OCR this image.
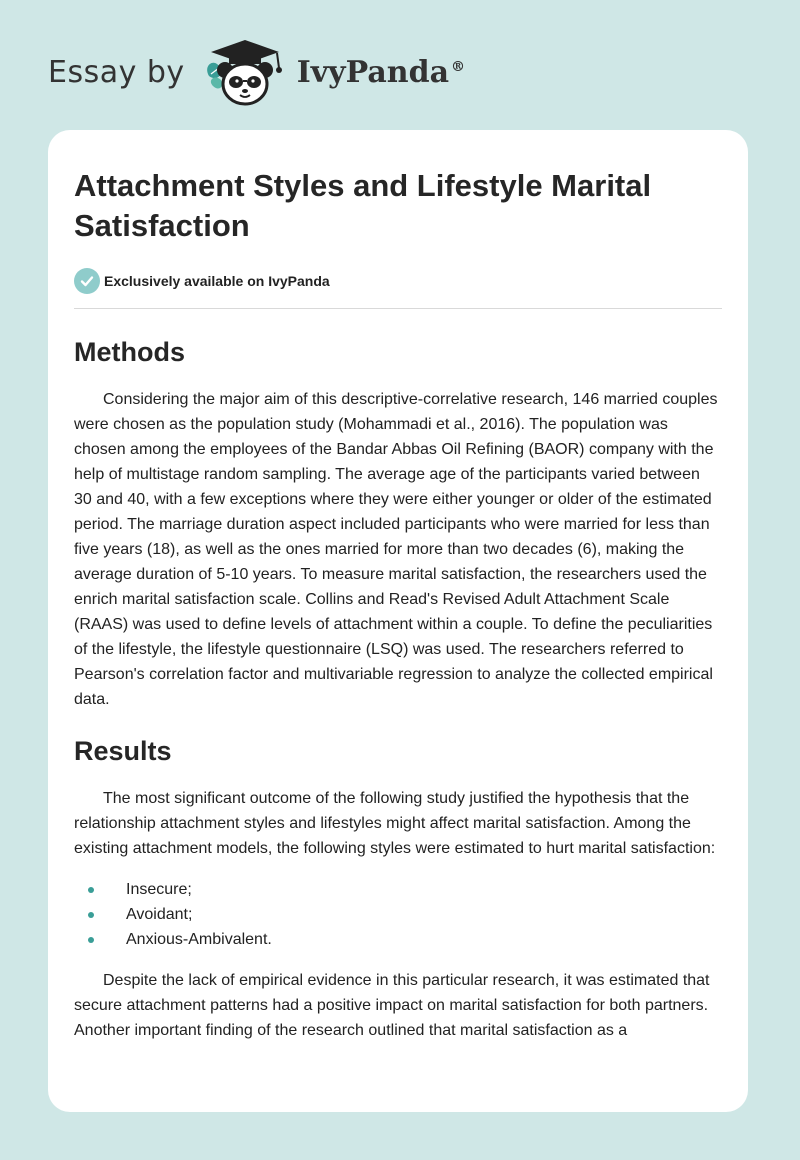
Essay by	IvyPanda ®
Attachment Styles and Lifestyle Marital Satisfaction
Exclusively available on IvyPanda
Methods

Considering the major aim of this descriptive-correlative research, 146 married couples were chosen as the population study (Mohammadi et al., 2016). The population was chosen among the employees of the Bandar Abbas Oil Refining (BAOR) company with the help of multistage random sampling. The average age of the participants varied between 30 and 40, with a few exceptions where they were either younger or older of the estimated period. The marriage duration aspect included participants who were married for less than five years (18), as well as the ones married for more than two decades (6), making the average duration of 5-10 years. To measure marital satisfaction, the researchers used the enrich marital satisfaction scale. Collins and Read's Revised Adult Attachment Scale (RAAS) was used to define levels of attachment within a couple. To define the peculiarities of the lifestyle, the lifestyle questionnaire (LSQ) was used. The researchers referred to Pearson's correlation factor and multivariable regression to analyze the collected empirical data.

Results

The most significant outcome of the following study justified the hypothesis that the relationship attachment styles and lifestyles might affect marital satisfaction. Among the existing attachment models, the following styles were estimated to hurt marital satisfaction:

Insecure;
Avoidant;
Anxious-Ambivalent.

Despite the lack of empirical evidence in this particular research, it was estimated that secure attachment patterns had a positive impact on marital satisfaction for both partners. Another important finding of the research outlined that marital satisfaction as a
